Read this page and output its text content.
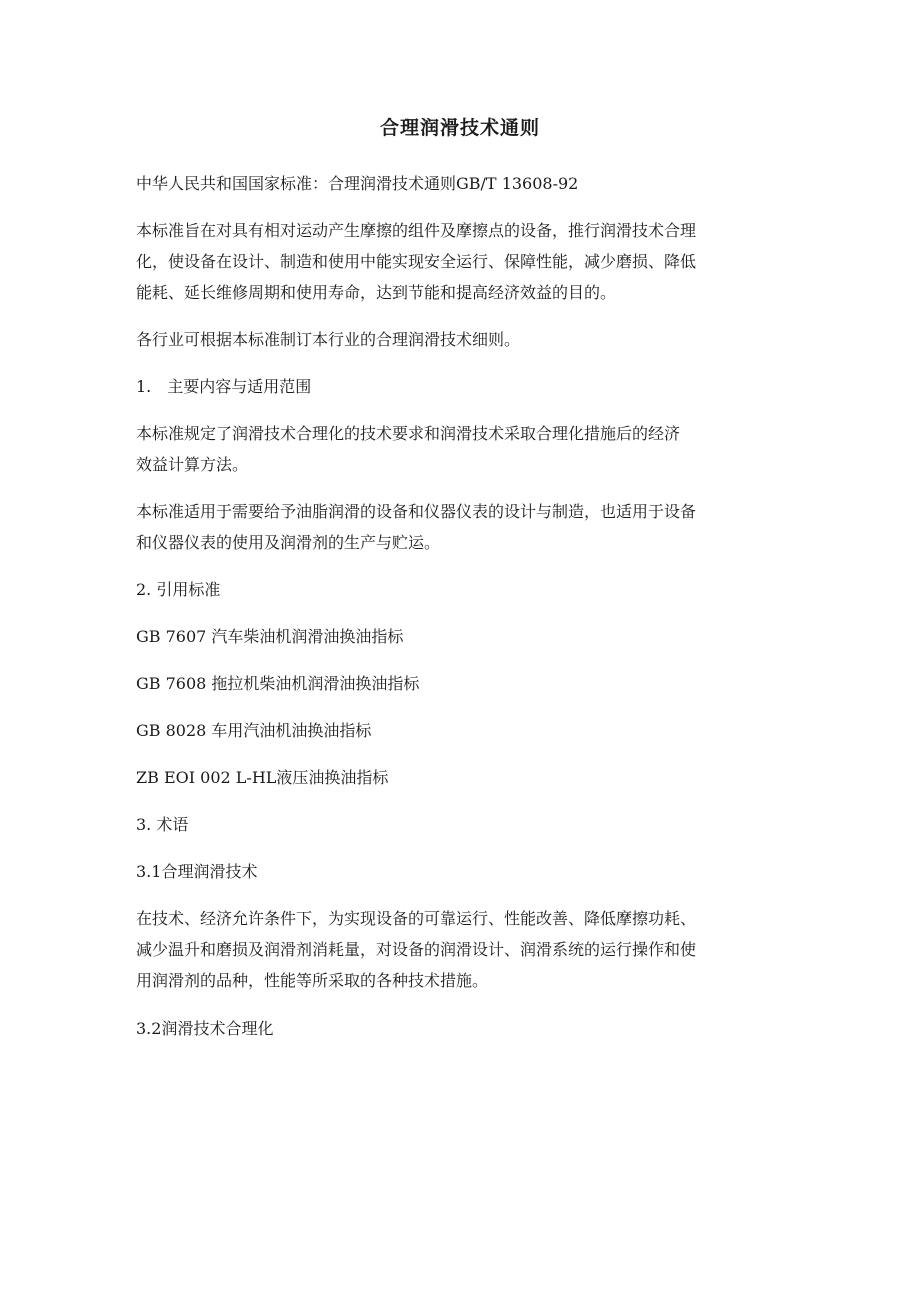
合理润滑技术通则

中华人民共和国国家标准：合理润滑技术通则GB/T 13608-92

本标准旨在对具有相对运动产生摩擦的组件及摩擦点的设备，推行润滑技术合理
化，使设备在设计、制造和使用中能实现安全运行、保障性能，减少磨损、降低
能耗、延长维修周期和使用寿命，达到节能和提高经济效益的目的。

各行业可根据本标准制订本行业的合理润滑技术细则。

1.　主要内容与适用范围

本标准规定了润滑技术合理化的技术要求和润滑技术采取合理化措施后的经济
效益计算方法。

本标准适用于需要给予油脂润滑的设备和仪器仪表的设计与制造，也适用于设备
和仪器仪表的使用及润滑剂的生产与贮运。

2. 引用标准

GB 7607 汽车柴油机润滑油换油指标

GB 7608 拖拉机柴油机润滑油换油指标

GB 8028 车用汽油机油换油指标

ZB EOI 002 L-HL液压油换油指标

3. 术语

3.1合理润滑技术

在技术、经济允许条件下，为实现设备的可靠运行、性能改善、降低摩擦功耗、
减少温升和磨损及润滑剂消耗量，对设备的润滑设计、润滑系统的运行操作和使
用润滑剂的品种，性能等所采取的各种技术措施。

3.2润滑技术合理化
